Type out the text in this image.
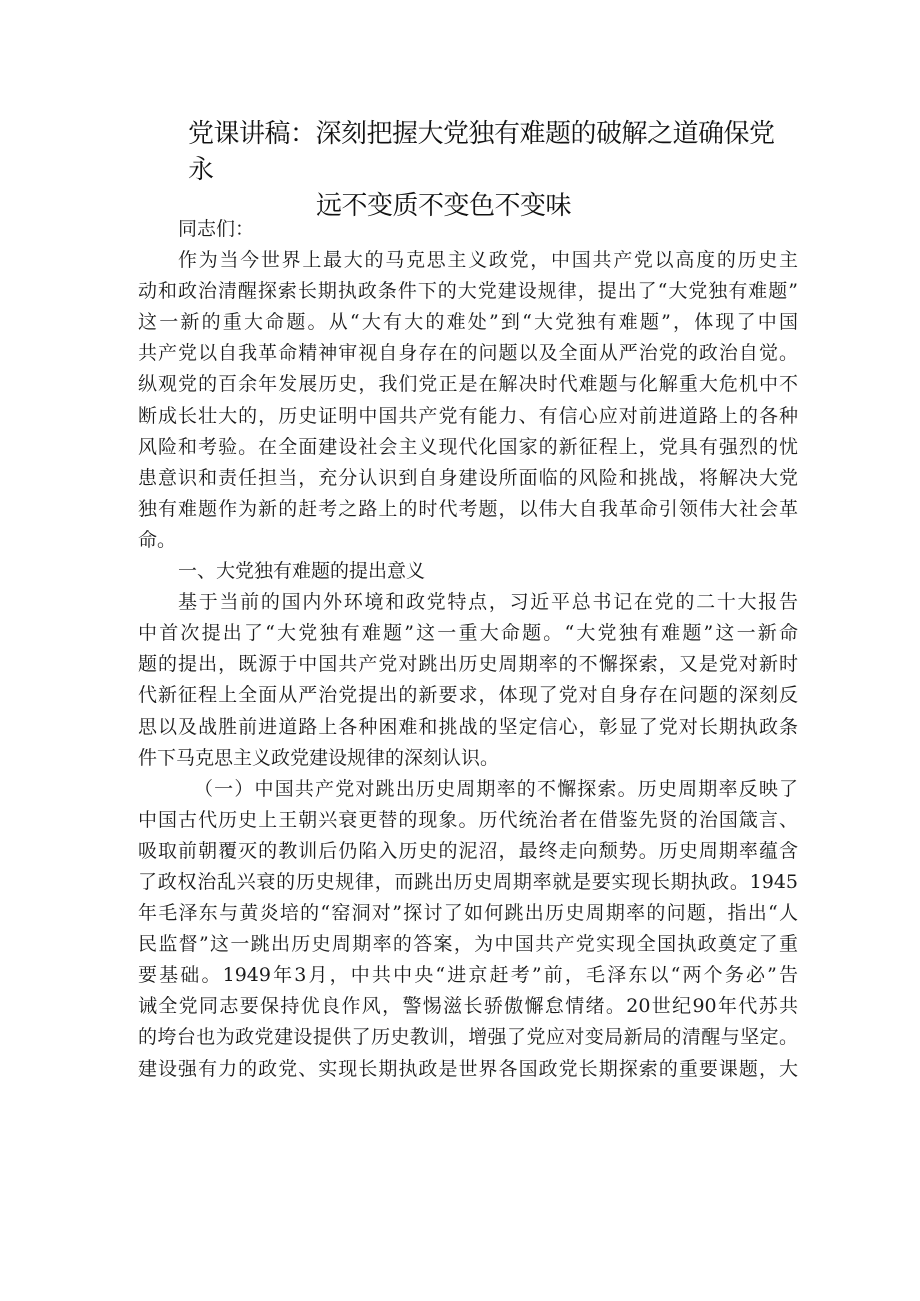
党课讲稿：深刻把握大党独有难题的破解之道确保党永
远不变质不变色不变味
同志们：
作为当今世界上最大的马克思主义政党，中国共产党以高度的历史主
动和政治清醒探索长期执政条件下的大党建设规律，提出了“大党独有难题”
这一新的重大命题。从“大有大的难处”到“大党独有难题”，体现了中国
共产党以自我革命精神审视自身存在的问题以及全面从严治党的政治自觉。
纵观党的百余年发展历史，我们党正是在解决时代难题与化解重大危机中不
断成长壮大的，历史证明中国共产党有能力、有信心应对前进道路上的各种
风险和考验。在全面建设社会主义现代化国家的新征程上，党具有强烈的忧
患意识和责任担当，充分认识到自身建设所面临的风险和挑战，将解决大党
独有难题作为新的赶考之路上的时代考题，以伟大自我革命引领伟大社会革
命。
一、大党独有难题的提出意义
基于当前的国内外环境和政党特点，习近平总书记在党的二十大报告
中首次提出了“大党独有难题”这一重大命题。“大党独有难题”这一新命
题的提出，既源于中国共产党对跳出历史周期率的不懈探索，又是党对新时
代新征程上全面从严治党提出的新要求，体现了党对自身存在问题的深刻反
思以及战胜前进道路上各种困难和挑战的坚定信心，彰显了党对长期执政条
件下马克思主义政党建设规律的深刻认识。
（一）中国共产党对跳出历史周期率的不懈探索。历史周期率反映了
中国古代历史上王朝兴衰更替的现象。历代统治者在借鉴先贤的治国箴言、
吸取前朝覆灭的教训后仍陷入历史的泥沼，最终走向颓势。历史周期率蕴含
了政权治乱兴衰的历史规律，而跳出历史周期率就是要实现长期执政。1945
年毛泽东与黄炎培的“窑洞对”探讨了如何跳出历史周期率的问题，指出“人
民监督”这一跳出历史周期率的答案，为中国共产党实现全国执政奠定了重
要基础。1949年3月，中共中央“进京赶考”前，毛泽东以“两个务必”告
诫全党同志要保持优良作风，警惕滋长骄傲懈怠情绪。20世纪90年代苏共
的垮台也为政党建设提供了历史教训，增强了党应对变局新局的清醒与坚定。
建设强有力的政党、实现长期执政是世界各国政党长期探索的重要课题，大
